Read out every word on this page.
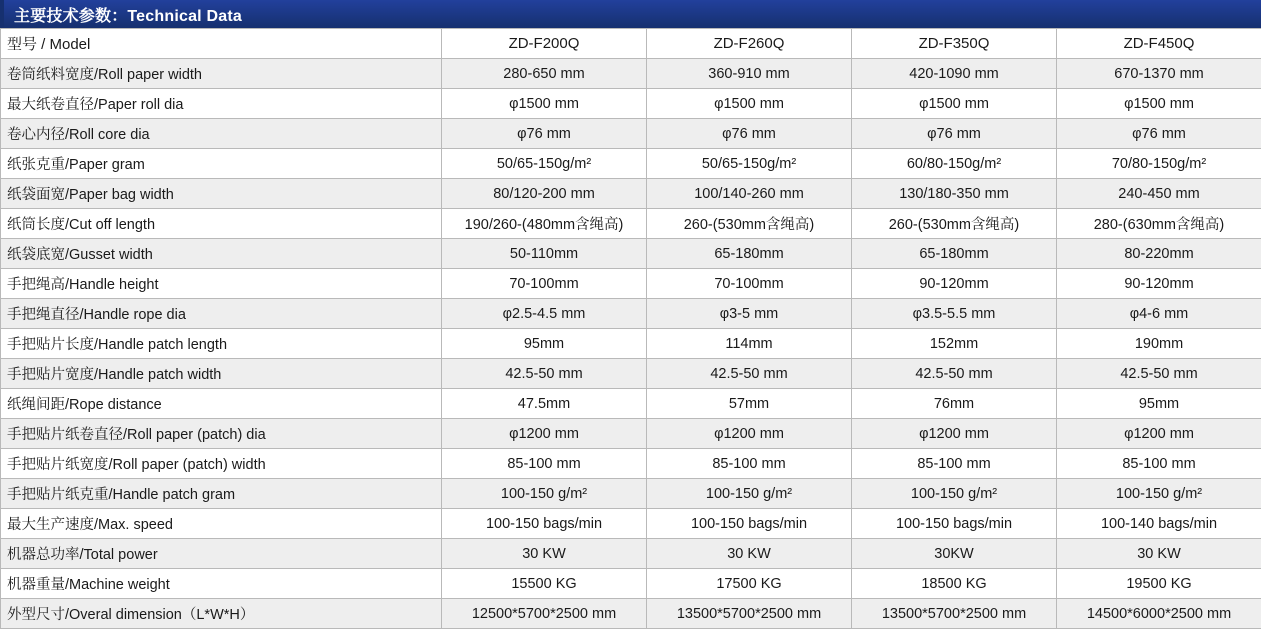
主要技术参数：Technical Data
型号 / Model	ZD-F200Q	ZD-F260Q	ZD-F350Q	ZD-F450Q
卷筒纸料宽度/Roll paper width	280-650 mm	360-910 mm	420-1090 mm	670-1370 mm
最大纸卷直径/Paper roll dia	φ1500 mm	φ1500 mm	φ1500 mm	φ1500 mm
卷心内径/Roll core dia	φ76 mm	φ76 mm	φ76 mm	φ76 mm
纸张克重/Paper gram	50/65-150g/m²	50/65-150g/m²	60/80-150g/m²	70/80-150g/m²
纸袋面宽/Paper bag width	80/120-200 mm	100/140-260 mm	130/180-350 mm	240-450 mm
纸筒长度/Cut off length	190/260-(480mm含绳高)	260-(530mm含绳高)	260-(530mm含绳高)	280-(630mm含绳高)
纸袋底宽/Gusset width	50-110mm	65-180mm	65-180mm	80-220mm
手把绳高/Handle height	70-100mm	70-100mm	90-120mm	90-120mm
手把绳直径/Handle rope dia	φ2.5-4.5 mm	φ3-5 mm	φ3.5-5.5 mm	φ4-6 mm
手把贴片长度/Handle patch length	95mm	114mm	152mm	190mm
手把贴片宽度/Handle patch width	42.5-50 mm	42.5-50 mm	42.5-50 mm	42.5-50 mm
纸绳间距/Rope distance	47.5mm	57mm	76mm	95mm
手把贴片纸卷直径/Roll paper (patch) dia	φ1200 mm	φ1200 mm	φ1200 mm	φ1200 mm
手把贴片纸宽度/Roll paper (patch) width	85-100 mm	85-100 mm	85-100 mm	85-100 mm
手把贴片纸克重/Handle patch gram	100-150 g/m²	100-150 g/m²	100-150 g/m²	100-150 g/m²
最大生产速度/Max. speed	100-150 bags/min	100-150 bags/min	100-150 bags/min	100-140 bags/min
机器总功率/Total power	30 KW	30 KW	30KW	30 KW
机器重量/Machine weight	15500 KG	17500 KG	18500 KG	19500 KG
外型尺寸/Overal dimension（L*W*H）	12500*5700*2500 mm	13500*5700*2500 mm	13500*5700*2500 mm	14500*6000*2500 mm
